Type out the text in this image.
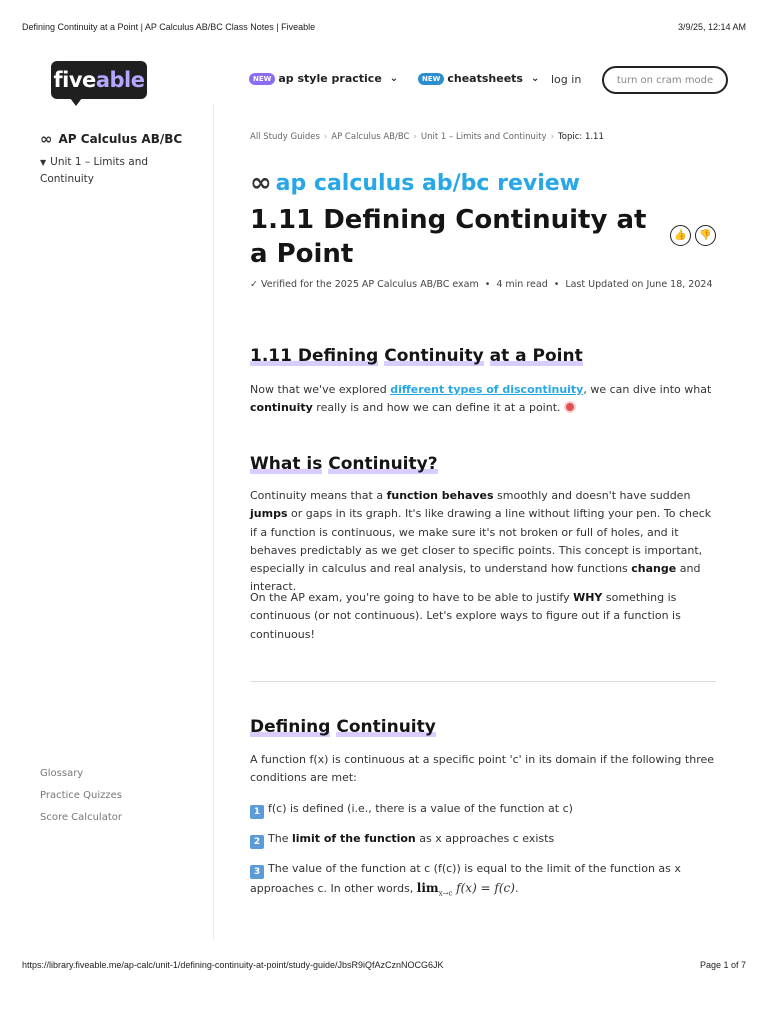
Defining Continuity at a Point | AP Calculus AB/BC Class Notes | Fiveable	3/9/25, 12:14 AM
five able	NEW ap style practice ⌄	NEW cheatsheets ⌄ log in	turn on cram mode
∞ AP Calculus AB/BC
▼ Unit 1 – Limits and Continuity
Glossary
Practice Quizzes
Score Calculator
All Study Guides › AP Calculus AB/BC › Unit 1 – Limits and Continuity › Topic: 1.11
∞ ap calculus ab/bc review
1.11 Defining Continuity at a Point
👍	👎
✓ Verified for the 2025 AP Calculus AB/BC exam • 4 min read • Last Updated on June 18, 2024
1.11 Defining Continuity at a Point

Now that we've explored different types of discontinuity, we can dive into what continuity really is and how we can define it at a point.

What is Continuity?

Continuity means that a function behaves smoothly and doesn't have sudden jumps or gaps in its graph. It's like drawing a line without lifting your pen. To check if a function is continuous, we make sure it's not broken or full of holes, and it behaves predictably as we get closer to specific points. This concept is important, especially in calculus and real analysis, to understand how functions change and interact.

On the AP exam, you're going to have to be able to justify WHY something is continuous (or not continuous). Let's explore ways to figure out if a function is continuous!

Defining Continuity

A function f(x) is continuous at a specific point 'c' in its domain if the following three conditions are met:

1 f(c) is defined (i.e., there is a value of the function at c)

2 The limit of the function as x approaches c exists

3 The value of the function at c (f(c)) is equal to the limit of the function as x approaches c. In other words, $\lim_{x\to c} f(x) = f(c)$.

https://library.fiveable.me/ap-calc/unit-1/defining-continuity-at-point/study-guide/JbsR9iQfAzCznNOCG6JK	Page 1 of 7
